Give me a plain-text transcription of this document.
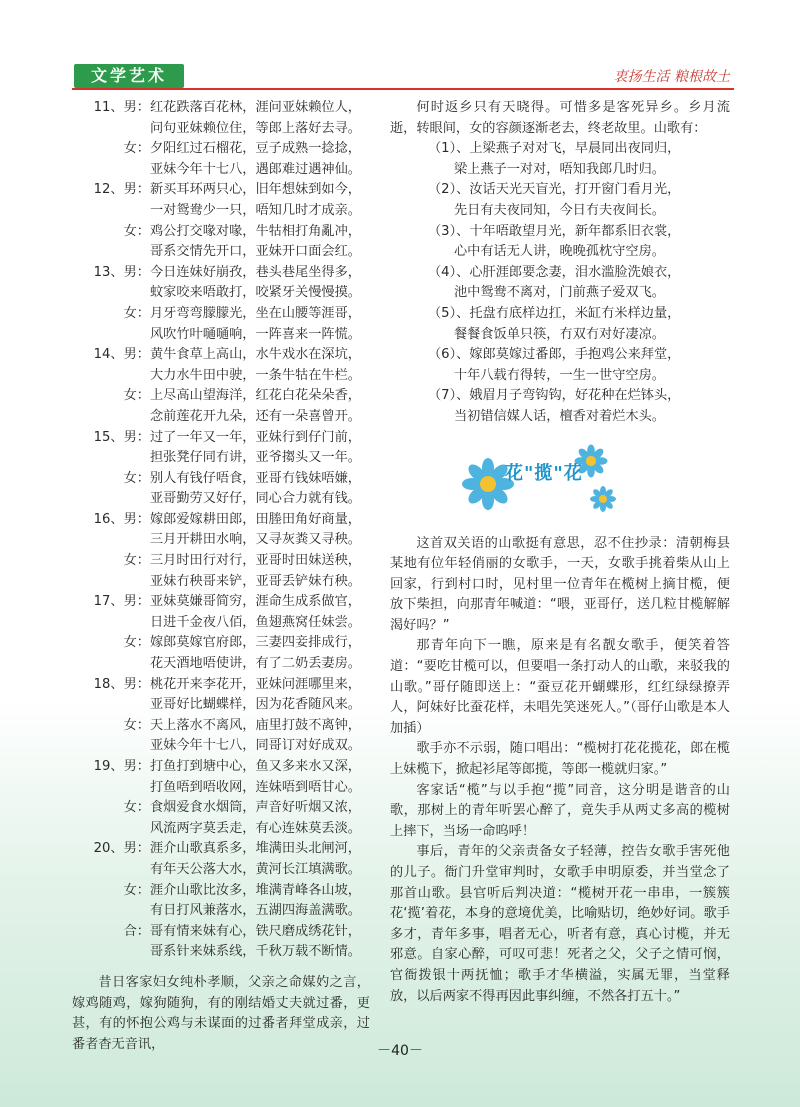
文学艺术	衷扬生活 粮根故土
11、男： 红花跌落百花林，涯问亚妹赖位人，
问句亚妹赖位住，等郎上落好去寻。
女： 夕阳红过石榴花，豆子成熟一捻捻，
亚妹今年十七八，遇郎难过遇神仙。
12、男： 新买耳环两只心，旧年想妹到如今，
一对鸳鸯少一只，唔知几时才成亲。
女： 鸡公打交喙对喙，牛牯相打角亂冲，
哥系交情先开口，亚妹开口面会红。
13、男： 今日连妹好崩孜，巷头巷尾坐得多，
蚊家咬来唔敢打，咬紧牙关慢慢摸。
女： 月牙弯弯朦朦光，坐在山腰等涯哥，
风吹竹叶嗵嗵响，一阵喜来一阵慌。
14、男： 黄牛食草上高山，水牛戏水在深坑，
大力水牛田中驶，一条牛牯在牛栏。
女： 上尽高山望海洋，红花白花朵朵香，
念前莲花开九朵，还有一朵喜曾开。
15、男： 过了一年又一年，亚妹行到仔门前，
担张凳仔同冇讲，亚爷搊头又一年。
女： 别人有钱仔唔食，亚哥冇钱妹唔嫌，
亚哥勤劳又好仔，同心合力就有钱。
16、男： 嫁郎爱嫁耕田郎，田塍田角好商量，
三月开耕田水响，又寻灰粪又寻秧。
女： 三月时田行对行，亚哥时田妹送秧，
亚妹冇秧哥来铲，亚哥丢铲妹冇秧。
17、男： 亚妹莫嫌哥简穷，涯命生成系做官，
日进千金夜八佰，鱼翅燕窝任妹尝。
女： 嫁郎莫嫁官府郎，三妻四妾排成行，
花天酒地唔使讲，有了二奶丢妻房。
18、男： 桃花开来李花开，亚妹问涯哪里来，
亚哥好比蝴蝶样，因为花香随风来。
女： 天上落水不离风，庙里打鼓不离钟，
亚妹今年十七八，同哥订对好成双。
19、男： 打鱼打到塘中心，鱼又多来水又深，
打鱼唔到唔收网，连妹唔到唔甘心。
女： 食烟爱食水烟筒，声音好听烟又浓，
风流两字莫丢走，有心连妹莫丢淡。
20、男： 涯介山歌真系多，堆满田头北闸河，
有年天公落大水，黄河长江填满歌。
女： 涯介山歌比汝多，堆满青峰各山坡，
有日打风兼落水，五湖四海盖满歌。
合： 哥有情来妹有心，铁尺磨成绣花针，
哥系针来妹系线，千秋万载不断情。

昔日客家妇女纯朴孝顺，父亲之命媒妁之言，嫁鸡随鸡，嫁狗随狗，有的刚结婚丈夫就过番，更甚，有的怀抱公鸡与未谋面的过番者拜堂成亲，过番者杳无音讯，

何时返乡只有天晓得。可惜多是客死异乡。乡月流逝，转眼间，女的容颜逐渐老去，终老故里。山歌有：

（1）、上梁燕子对对飞，早晨同出夜同归，
梁上燕子一对对，唔知我郎几时归。
（2）、汝话天光天盲光，打开窗门看月光，
先日有夫夜同知，今日冇夫夜间长。
（3）、十年唔敢望月光，新年都系旧衣裳，
心中有话无人讲，晚晚孤枕守空房。
（4）、心肝涯郎要念妻，泪水滥脸洗娘衣，
池中鸳鸯不离对，门前燕子爱双飞。
（5）、托盘冇底样边扛，米缸冇米样边量，
餐餐食饭单只筷，冇双冇对好凄凉。
（6）、嫁郎莫嫁过番郎，手抱鸡公来拜堂，
十年八载冇得转，一生一世守空房。
（7）、娥眉月子弯钩钩，好花种在烂钵头，
当初错信媒人话，檀香对着烂木头。
花"揽"花

这首双关语的山歌挺有意思，忍不住抄录：清朝梅县某地有位年轻俏丽的女歌手，一天，女歌手挑着柴从山上回家，行到村口时，见村里一位青年在榄树上摘甘榄，便放下柴担，向那青年喊道：“喂，亚哥仔，送几粒甘榄解解渴好吗？”

那青年向下一瞧，原来是有名靓女歌手，便笑着答道：“要吃甘榄可以，但要唱一条打动人的山歌，来驳我的山歌。”哥仔随即送上：“蚕豆花开蝴蝶形，红红绿绿撩弄人，阿妹好比蚕花样，未唱先笑迷死人。”（哥仔山歌是本人加插）

歌手亦不示弱，随口唱出：“榄树打花花揽花，郎在榄上妹榄下，掀起衫尾等郎揽，等郎一榄就归家。”

客家话“榄”与以手抱“揽”同音，这分明是谐音的山歌，那树上的青年听罢心醉了，竟失手从两丈多高的榄树上摔下，当场一命呜呼！

事后，青年的父亲责备女子轻薄，控告女歌手害死他的儿子。衙门升堂审判时，女歌手申明原委，并当堂念了那首山歌。县官听后判决道：“榄树开花一串串，一簇簇花‘揽’着花，本身的意境优美，比喻贴切，绝妙好词。歌手多才，青年多事，唱者无心，听者有意，真心讨榄，并无邪意。自家心醉，可叹可悲！死者之父，父子之情可悯，官衙拨银十两抚恤；歌手才华横溢，实属无罪，当堂释放，以后两家不得再因此事纠缠，不然各打五十。”

－40－
